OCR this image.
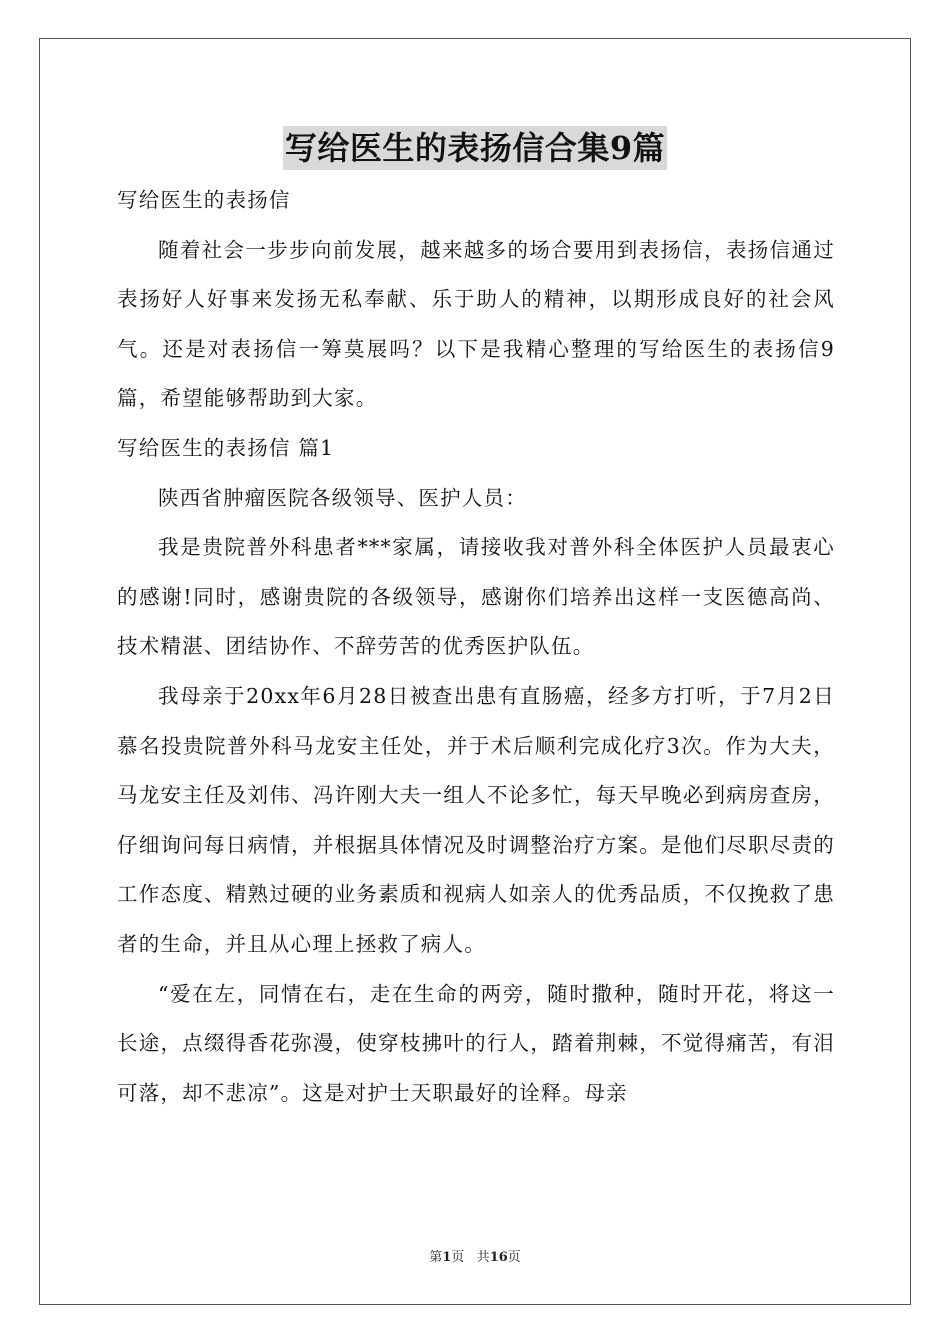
写给医生的表扬信合集9篇

写给医生的表扬信

随着社会一步步向前发展，越来越多的场合要用到表扬信，表扬信通过表扬好人好事来发扬无私奉献、乐于助人的精神，以期形成良好的社会风气。还是对表扬信一筹莫展吗？以下是我精心整理的写给医生的表扬信9篇，希望能够帮助到大家。

写给医生的表扬信 篇1

陕西省肿瘤医院各级领导、医护人员：

我是贵院普外科患者***家属，请接收我对普外科全体医护人员最衷心的感谢!同时，感谢贵院的各级领导，感谢你们培养出这样一支医德高尚、技术精湛、团结协作、不辞劳苦的优秀医护队伍。

我母亲于20xx年6月28日被查出患有直肠癌，经多方打听，于7月2日慕名投贵院普外科马龙安主任处，并于术后顺利完成化疗3次。作为大夫，马龙安主任及刘伟、冯许刚大夫一组人不论多忙，每天早晚必到病房查房，仔细询问每日病情，并根据具体情况及时调整治疗方案。是他们尽职尽责的工作态度、精熟过硬的业务素质和视病人如亲人的优秀品质，不仅挽救了患者的生命，并且从心理上拯救了病人。

“爱在左，同情在右，走在生命的两旁，随时撒种，随时开花，将这一长途，点缀得香花弥漫，使穿枝拂叶的行人，踏着荆棘，不觉得痛苦，有泪可落，却不悲凉”。这是对护士天职最好的诠释。母亲

第1页 共16页
